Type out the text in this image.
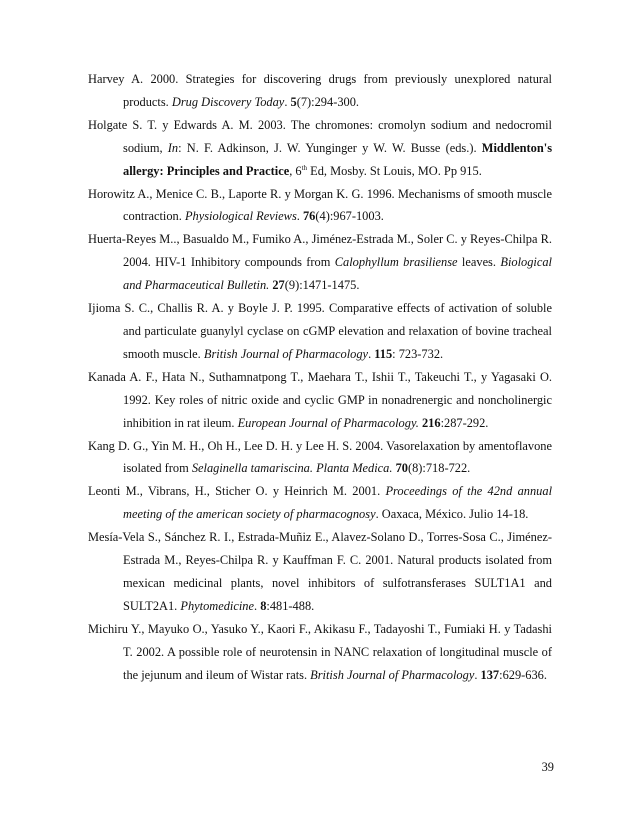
Harvey A. 2000. Strategies for discovering drugs from previously unexplored natural products. Drug Discovery Today. 5(7):294-300.

Holgate S. T. y Edwards A. M. 2003. The chromones: cromolyn sodium and nedocromil sodium, In: N. F. Adkinson, J. W. Yunginger y W. W. Busse (eds.). Middlenton's allergy: Principles and Practice, 6th Ed, Mosby. St Louis, MO. Pp 915.

Horowitz A., Menice C. B., Laporte R. y Morgan K. G. 1996. Mechanisms of smooth muscle contraction. Physiological Reviews. 76(4):967-1003.

Huerta-Reyes M.., Basualdo M., Fumiko A., Jiménez-Estrada M., Soler C. y Reyes-Chilpa R. 2004. HIV-1 Inhibitory compounds from Calophyllum brasiliense leaves. Biological and Pharmaceutical Bulletin. 27(9):1471-1475.

Ijioma S. C., Challis R. A. y Boyle J. P. 1995. Comparative effects of activation of soluble and particulate guanylyl cyclase on cGMP elevation and relaxation of bovine tracheal smooth muscle. British Journal of Pharmacology. 115: 723-732.

Kanada A. F., Hata N., Suthamnatpong T., Maehara T., Ishii T., Takeuchi T., y Yagasaki O. 1992. Key roles of nitric oxide and cyclic GMP in nonadrenergic and noncholinergic inhibition in rat ileum. European Journal of Pharmacology. 216:287-292.

Kang D. G., Yin M. H., Oh H., Lee D. H. y Lee H. S. 2004. Vasorelaxation by amentoflavone isolated from Selaginella tamariscina. Planta Medica. 70(8):718-722.

Leonti M., Vibrans, H., Sticher O. y Heinrich M. 2001. Proceedings of the 42nd annual meeting of the american society of pharmacognosy. Oaxaca, México. Julio 14-18.

Mesía-Vela S., Sánchez R. I., Estrada-Muñiz E., Alavez-Solano D., Torres-Sosa C., Jiménez-Estrada M., Reyes-Chilpa R. y Kauffman F. C. 2001. Natural products isolated from mexican medicinal plants, novel inhibitors of sulfotransferases SULT1A1 and SULT2A1. Phytomedicine. 8:481-488.

Michiru Y., Mayuko O., Yasuko Y., Kaori F., Akikasu F., Tadayoshi T., Fumiaki H. y Tadashi T. 2002. A possible role of neurotensin in NANC relaxation of longitudinal muscle of the jejunum and ileum of Wistar rats. British Journal of Pharmacology. 137:629-636.

39
